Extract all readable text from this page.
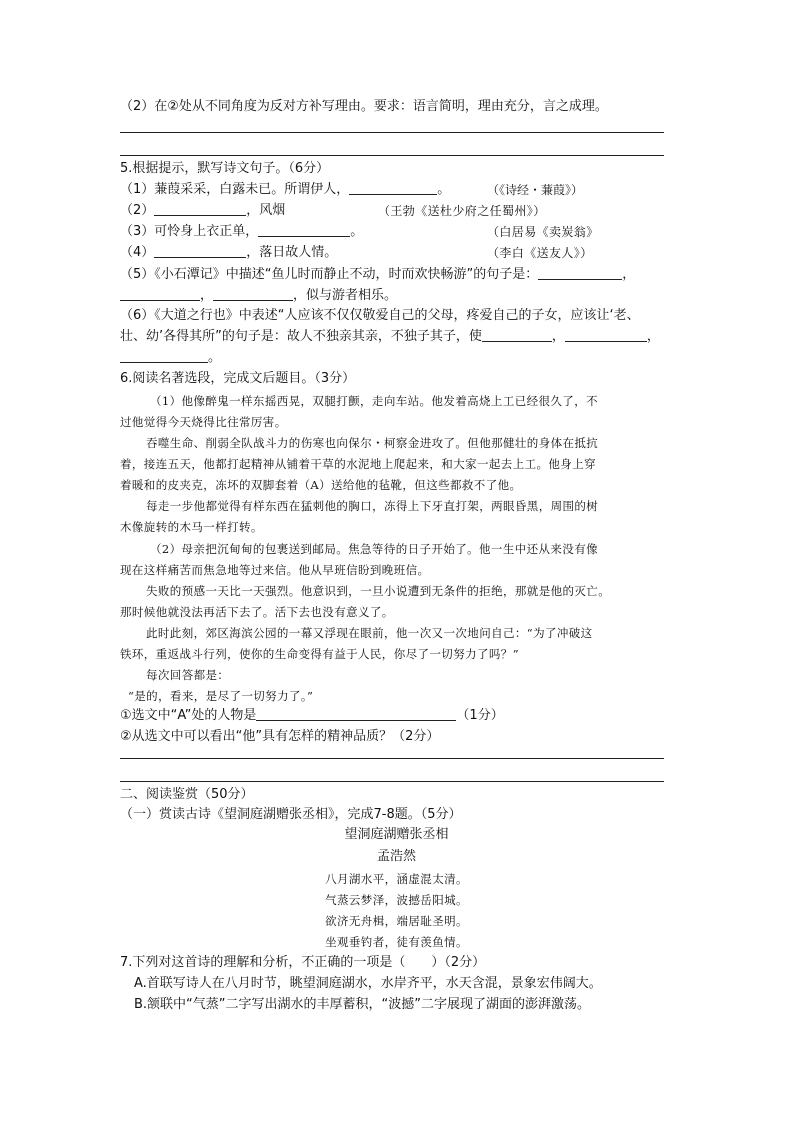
（2）在②处从不同角度为反对方补写理由。要求：语言简明，理由充分，言之成理。
5.根据提示，默写诗文句子。（6分）
（1）蒹葭采采，白露未已。所谓伊人，	。	（《诗经・蒹葭》）
（2）	，风烟	（王勃《送杜少府之任蜀州》）
（3）可怜身上衣正单，	。	（白居易《卖炭翁》
（4）	，落日故人情。	（李白《送友人》）
（5）《小石潭记》中描述“鱼儿时而静止不动，时而欢快畅游”的句子是：	，
，	，似与游者相乐。
（6）《大道之行也》中表述“人应该不仅仅敬爱自己的父母，疼爱自己的子女，应该让‘老、
壮、幼’各得其所”的句子是：故人不独亲其亲，不独子其子，使	，	，
。
6.阅读名著选段，完成文后题目。（3分）
（1）他像醉鬼一样东摇西晃，双腿打颤，走向车站。他发着高烧上工已经很久了，不
过他觉得今天烧得比往常厉害。
吞噬生命、削弱全队战斗力的伤寒也向保尔・柯察金进攻了。但他那健壮的身体在抵抗
着，接连五天，他都打起精神从铺着干草的水泥地上爬起来，和大家一起去上工。他身上穿
着暖和的皮夹克，冻坏的双脚套着（A）送给他的毡靴，但这些都救不了他。
每走一步他都觉得有样东西在猛刺他的胸口，冻得上下牙直打架，两眼昏黑，周围的树
木像旋转的木马一样打转。
（2）母亲把沉甸甸的包裹送到邮局。焦急等待的日子开始了。他一生中还从来没有像
现在这样痛苦而焦急地等过来信。他从早班信盼到晚班信。
失败的预感一天比一天强烈。他意识到，一旦小说遭到无条件的拒绝，那就是他的灭亡。
那时候他就没法再活下去了。活下去也没有意义了。
此时此刻，郊区海滨公园的一幕又浮现在眼前，他一次又一次地问自己：“为了冲破这
铁环，重返战斗行列，使你的生命变得有益于人民，你尽了一切努力了吗？”
每次回答都是：
“是的，看来，是尽了一切努力了。”
①选文中“A”处的人物是	（1分）
②从选文中可以看出“他”具有怎样的精神品质？（2分）
二、阅读鉴赏（50分）
（一）赏读古诗《望洞庭湖赠张丞相》，完成7-8题。（5分）
望洞庭湖赠张丞相
孟浩然
八月湖水平，涵虚混太清。
气蒸云梦泽，波撼岳阳城。
欲济无舟楫，端居耻圣明。
坐观垂钓者，徒有羡鱼情。
7.下列对这首诗的理解和分析，不正确的一项是（　　）（2分）
A.首联写诗人在八月时节，眺望洞庭湖水，水岸齐平，水天含混，景象宏伟阔大。
B.颔联中“气蒸”二字写出湖水的丰厚蓄积，“波撼”二字展现了湖面的澎湃激荡。
